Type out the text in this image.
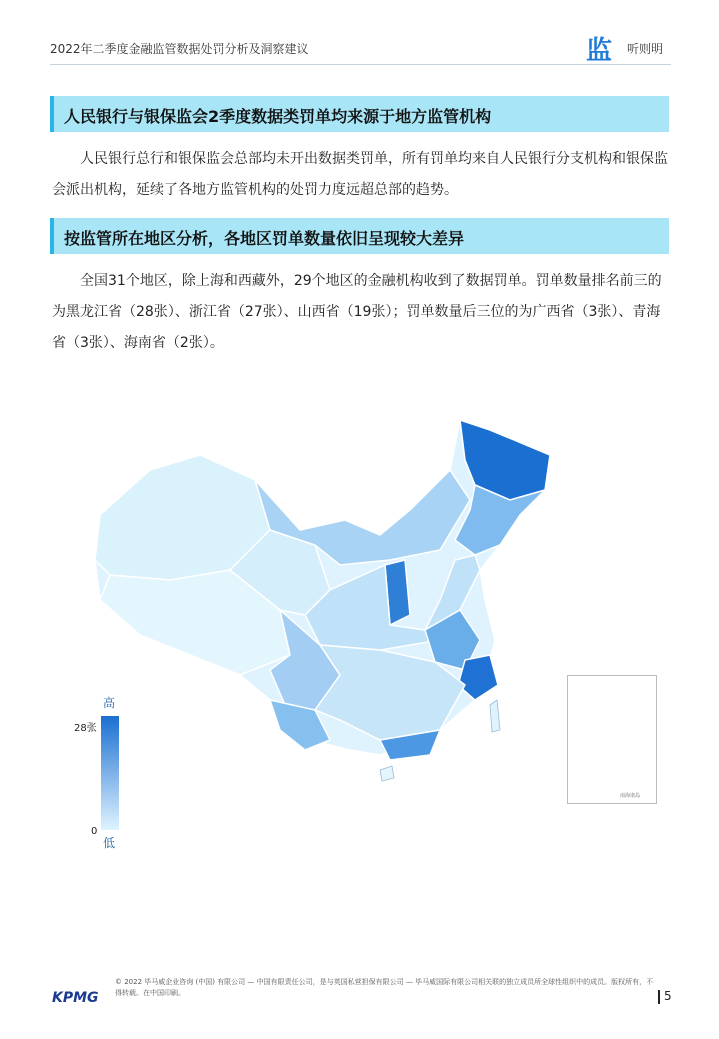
2022年二季度金融监管数据处罚分析及洞察建议	监 听则明
人民银行与银保监会2季度数据类罚单均来源于地方监管机构
人民银行总行和银保监会总部均未开出数据类罚单，所有罚单均来自人民银行分支机构和银保监会派出机构，延续了各地方监管机构的处罚力度远超总部的趋势。
按监管所在地区分析，各地区罚单数量依旧呈现较大差异
全国31个地区，除上海和西藏外，29个地区的金融机构收到了数据罚单。罚单数量排名前三的为黑龙江省（28张）、浙江省（27张）、山西省（19张）；罚单数量后三位的为广西省（3张）、青海省（3张）、海南省（2张）。
南海诸岛
高
28张
0
低
KPMG
© 2022 毕马威企业咨询 (中国) 有限公司 — 中国有限责任公司，是与英国私营担保有限公司 — 毕马威国际有限公司相关联的独立成员所全球性组织中的成员。版权所有，不得转载。在中国印刷。	5
